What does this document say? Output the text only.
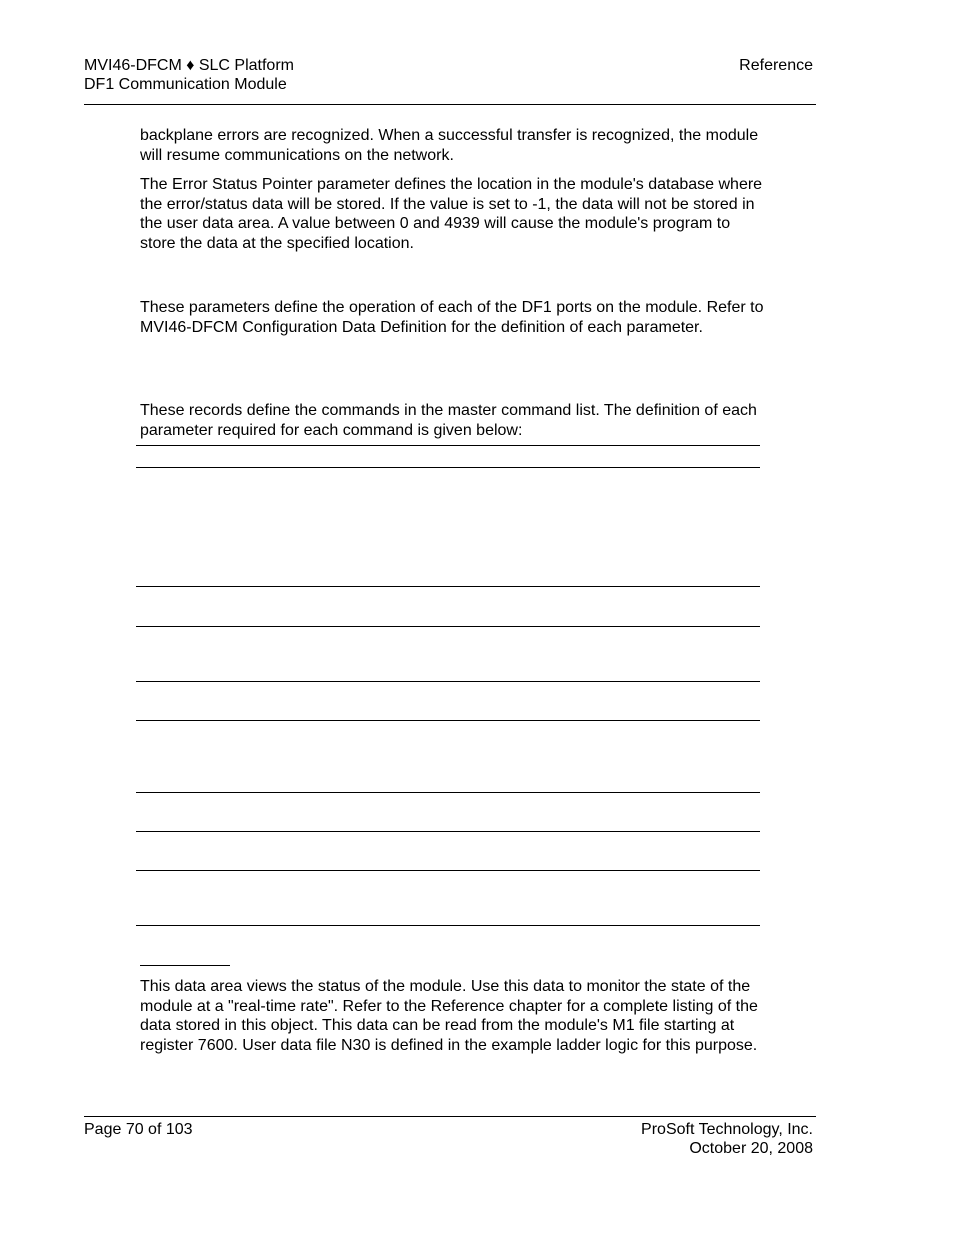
MVI46-DFCM ♦ SLC Platform
DF1 Communication Module
Reference

backplane errors are recognized. When a successful transfer is recognized, the module will resume communications on the network.

The Error Status Pointer parameter defines the location in the module's database where the error/status data will be stored. If the value is set to -1, the data will not be stored in the user data area. A value between 0 and 4939 will cause the module's program to store the data at the specified location.

These parameters define the operation of each of the DF1 ports on the module. Refer to MVI46-DFCM Configuration Data Definition for the definition of each parameter.

These records define the commands in the master command list. The definition of each parameter required for each command is given below:

This data area views the status of the module. Use this data to monitor the state of the module at a "real-time rate". Refer to the Reference chapter for a complete listing of the data stored in this object. This data can be read from the module's M1 file starting at register 7600. User data file N30 is defined in the example ladder logic for this purpose.

Page 70 of 103	ProSoft Technology, Inc.
October 20, 2008
